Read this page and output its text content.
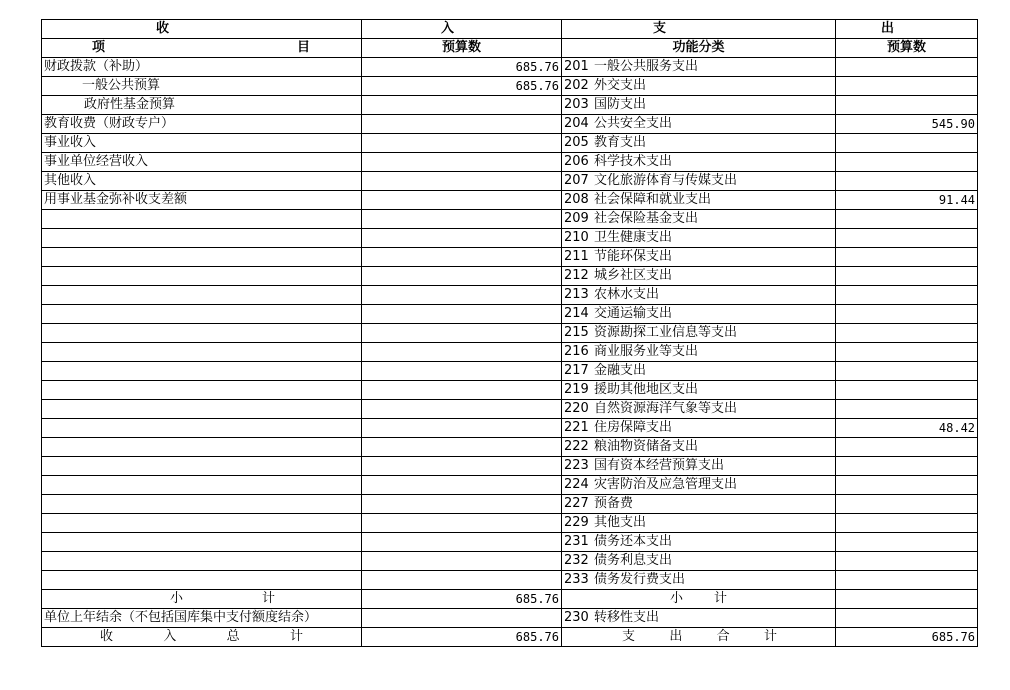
收	入	支	出

项 目	预算数	功能分类	预算数
财政拨款（补助）	685.76	201 一般公共服务支出	
一般公共预算	685.76	202 外交支出	
政府性基金预算		203 国防支出	
教育收费（财政专户）		204 公共安全支出	545.90
事业收入		205 教育支出	
事业单位经营收入		206 科学技术支出	
其他收入		207 文化旅游体育与传媒支出	
用事业基金弥补收支差额		208 社会保障和就业支出	91.44
		209 社会保险基金支出	
		210 卫生健康支出	
		211 节能环保支出	
		212 城乡社区支出	
		213 农林水支出	
		214 交通运输支出	
		215 资源勘探工业信息等支出	
		216 商业服务业等支出	
		217 金融支出	
		219 援助其他地区支出	
		220 自然资源海洋气象等支出	
		221 住房保障支出	48.42
		222 粮油物资储备支出	
		223 国有资本经营预算支出	
		224 灾害防治及应急管理支出	
		227 预备费	
		229 其他支出	
		231 债务还本支出	
		232 债务利息支出	
		233 债务发行费支出	

小 计	685.76	小 计	

单位上年结余（不包括国库集中支付额度结余）		230 转移性支出	

收 入 总 计	685.76	支 出 合 计	685.76
